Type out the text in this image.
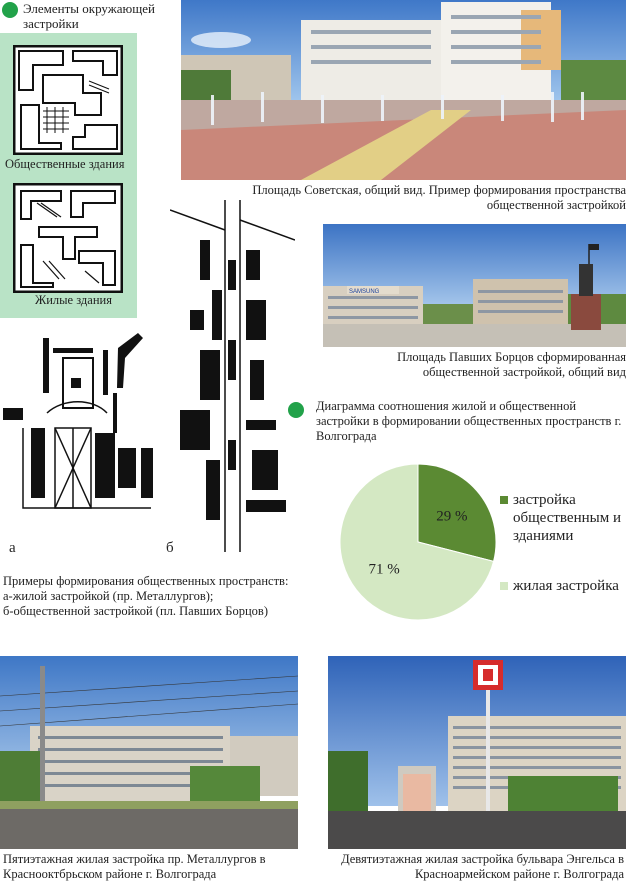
Элементы окружающей застройки
Общественные здания
Жилые здания
Площадь Советская, общий вид. Пример формирования пространства общественной застройкой
SAMSUNG
Площадь Павших Борцов сформированная общественной застройкой, общий вид
а	б
Примеры формирования общественных пространств:
а-жилой застройкой (пр. Металлургов);
б-общественной застройкой (пл. Павших Борцов)
Диаграмма соотношения жилой и общественной застройки в формировании общественных пространств г. Волгограда
29 %
71 %
застройка общественным и зданиями
жилая застройка
Пятиэтажная жилая застройка пр. Металлургов в Краснооктбрьском районе г. Волгограда
Девятиэтажная жилая застройка бульвара Энгельса в Красноармейском районе г. Волгограда
